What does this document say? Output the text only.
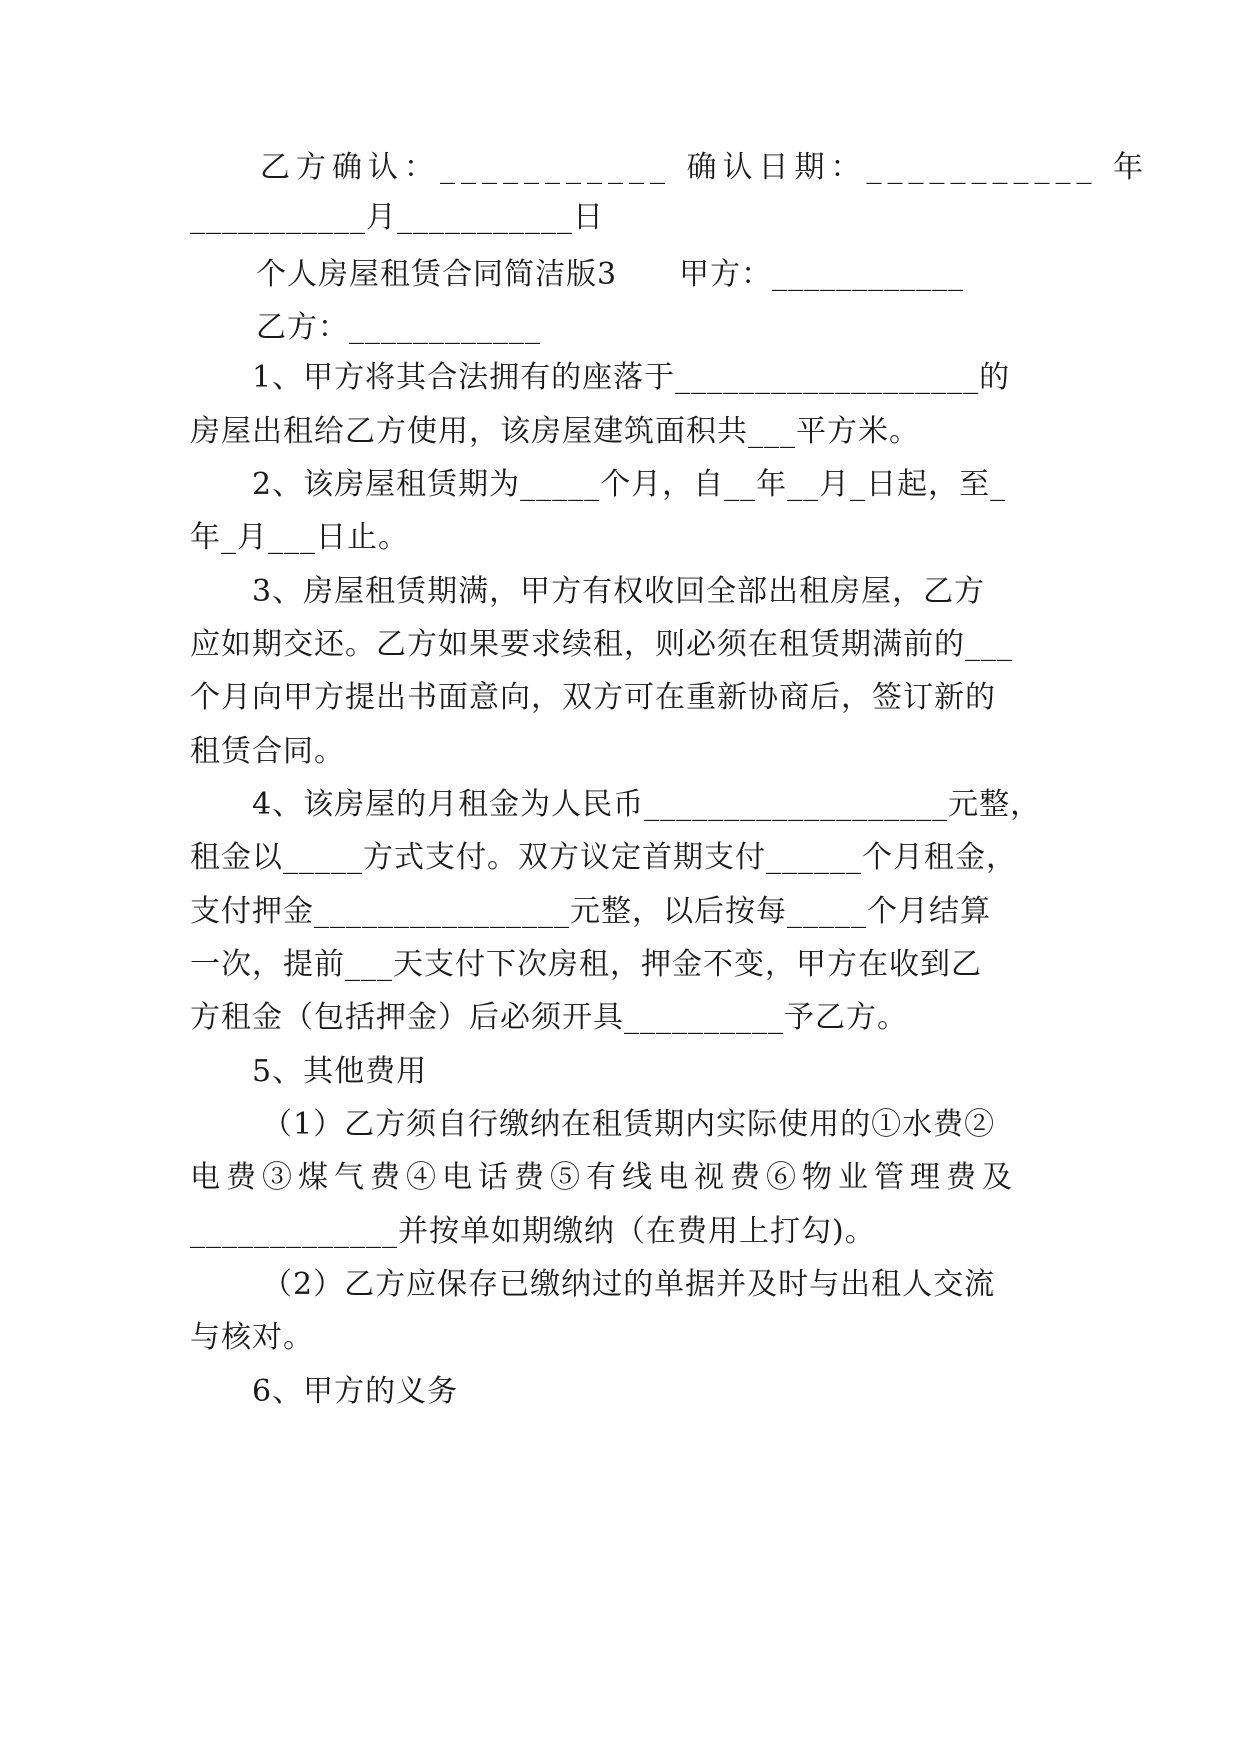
乙方确认：___________ 确认日期：___________ 年
___________月___________日
个人房屋租赁合同简洁版3　　甲方：____________
乙方：____________
1、甲方将其合法拥有的座落于___________________的
房屋出租给乙方使用，该房屋建筑面积共___平方米。
2、该房屋租赁期为_____个月，自__年__月_日起，至_
年_月___日止。
3、房屋租赁期满，甲方有权收回全部出租房屋，乙方
应如期交还。乙方如果要求续租，则必须在租赁期满前的___
个月向甲方提出书面意向，双方可在重新协商后，签订新的
租赁合同。
4、该房屋的月租金为人民币___________________元整，
租金以_____方式支付。双方议定首期支付______个月租金，
支付押金________________元整，以后按每_____个月结算
一次，提前___天支付下次房租，押金不变，甲方在收到乙
方租金（包括押金）后必须开具__________予乙方。
5、其他费用
（1）乙方须自行缴纳在租赁期内实际使用的①水费②
电费③煤气费④电话费⑤有线电视费⑥物业管理费及
_____________并按单如期缴纳（在费用上打勾)。
（2）乙方应保存已缴纳过的单据并及时与出租人交流
与核对。
6、甲方的义务
